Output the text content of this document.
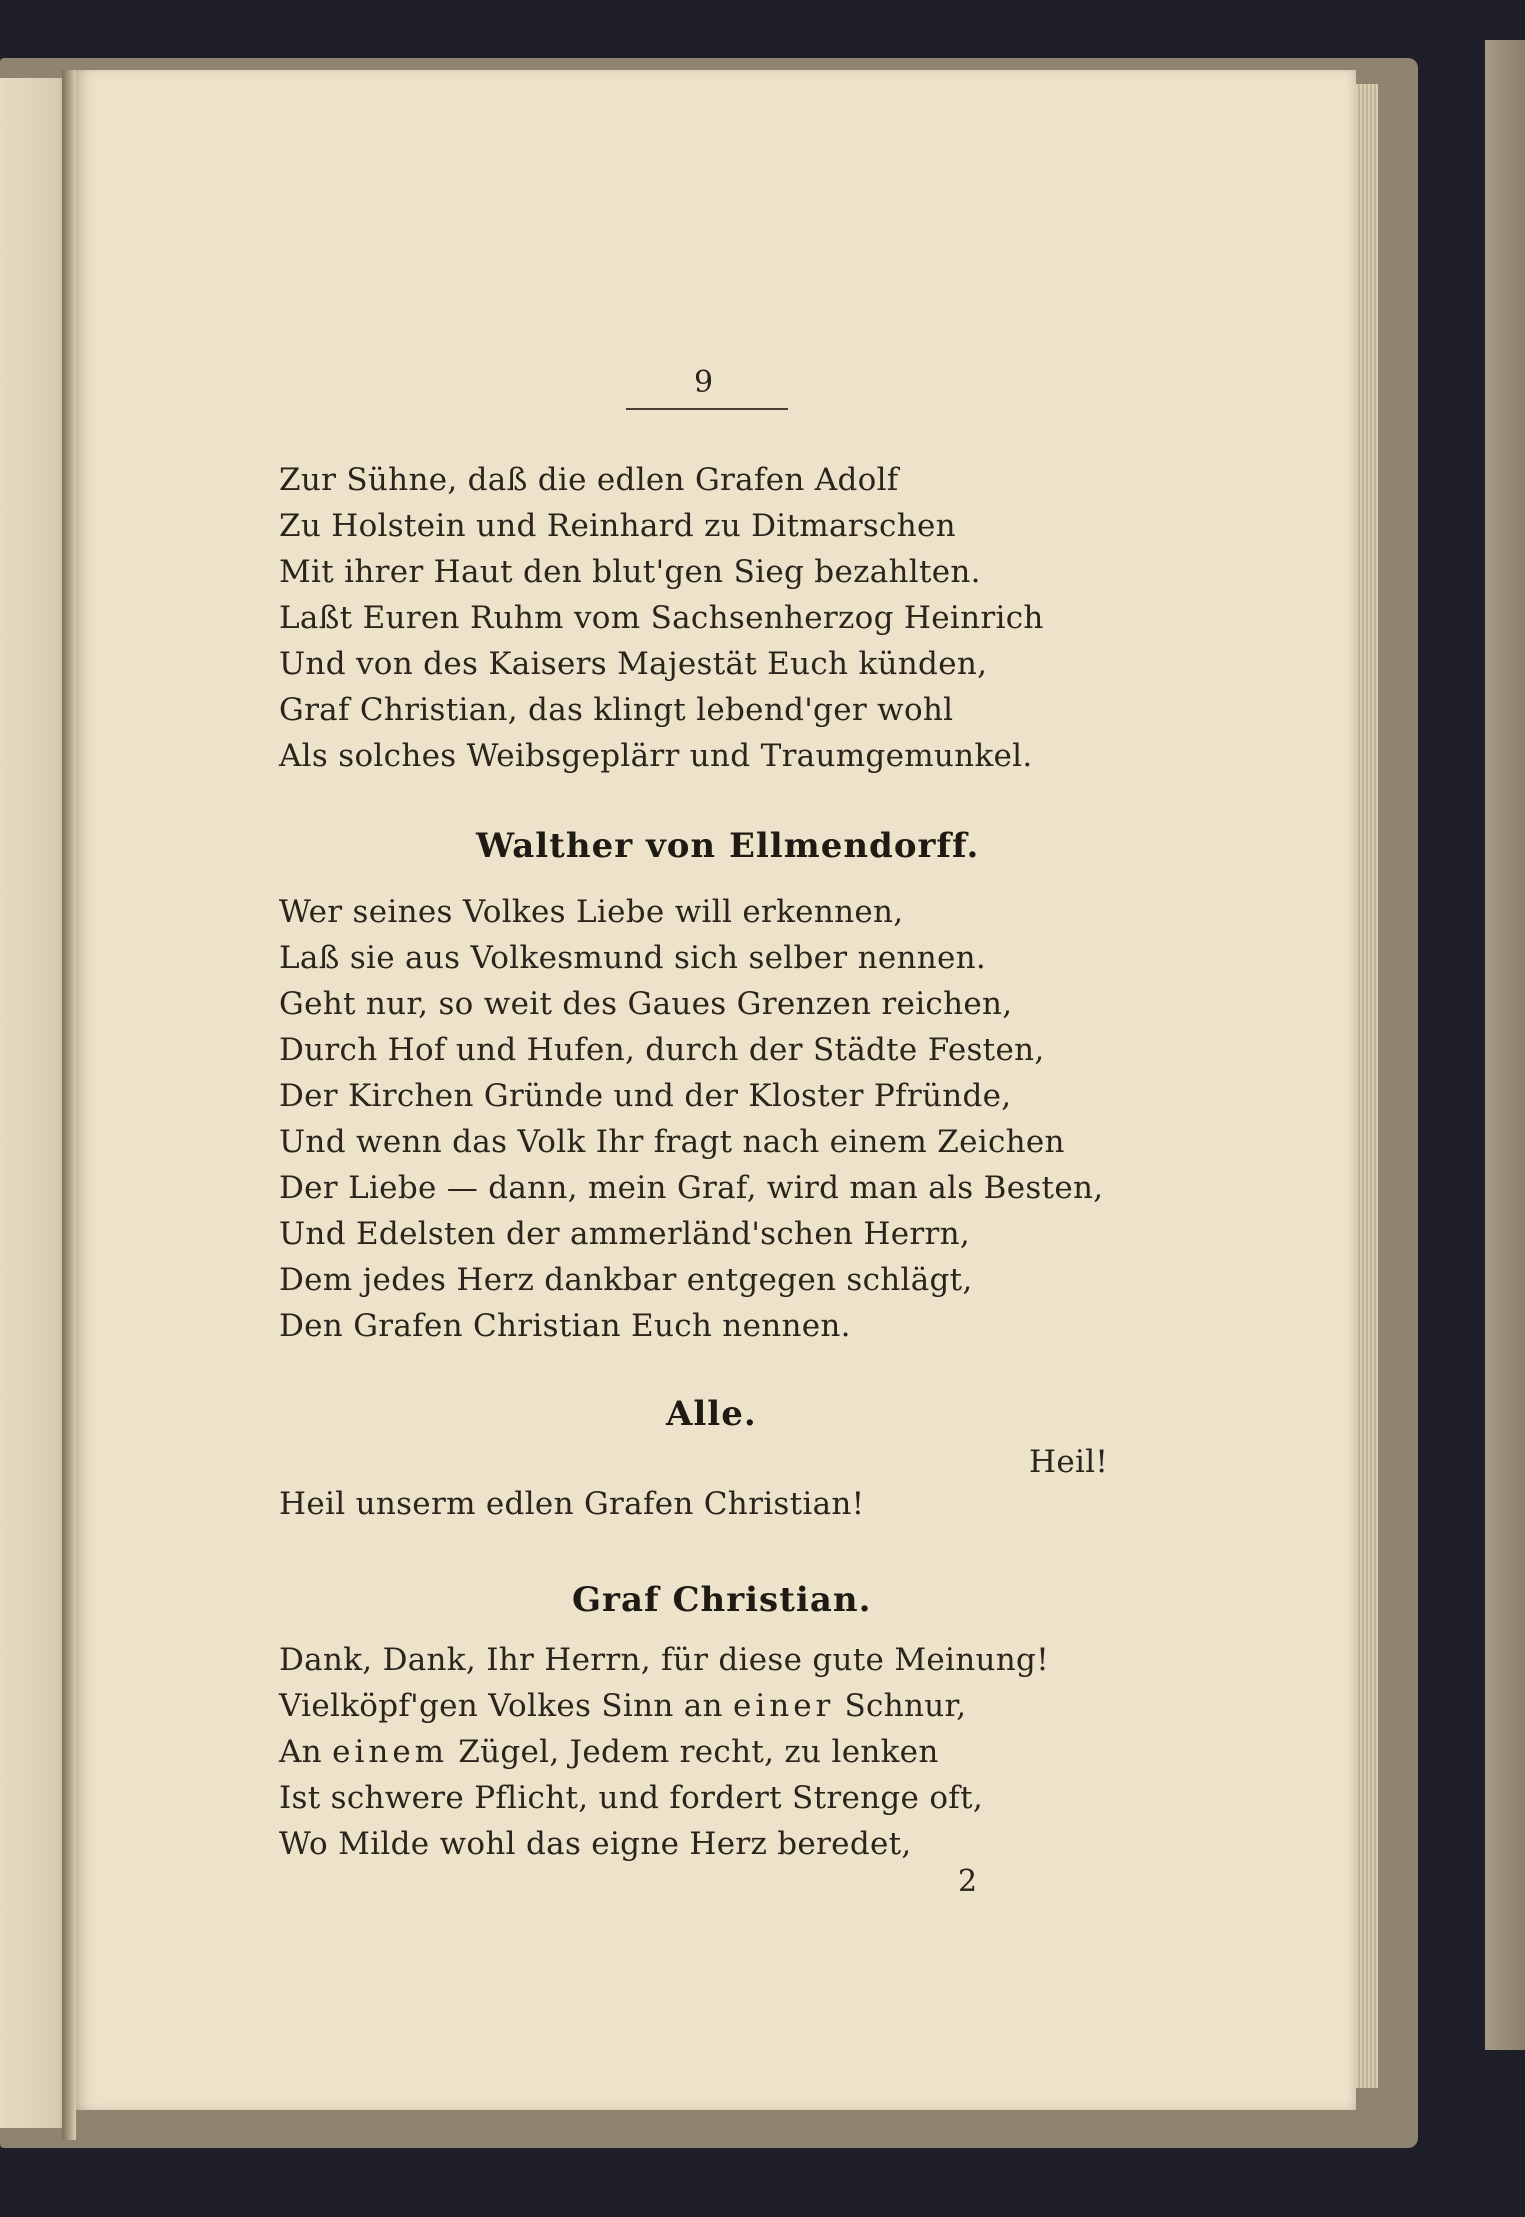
9
Zur Sühne, daß die edlen Grafen Adolf
Zu Holstein und Reinhard zu Ditmarschen
Mit ihrer Haut den blut'gen Sieg bezahlten.
Laßt Euren Ruhm vom Sachsenherzog Heinrich
Und von des Kaisers Majestät Euch künden,
Graf Christian, das klingt lebend'ger wohl
Als solches Weibsgeplärr und Traumgemunkel.
Walther von Ellmendorff.
Wer seines Volkes Liebe will erkennen,
Laß sie aus Volkesmund sich selber nennen.
Geht nur, so weit des Gaues Grenzen reichen,
Durch Hof und Hufen, durch der Städte Festen,
Der Kirchen Gründe und der Kloster Pfründe,
Und wenn das Volk Ihr fragt nach einem Zeichen
Der Liebe — dann, mein Graf, wird man als Besten,
Und Edelsten der ammerländ'schen Herrn,
Dem jedes Herz dankbar entgegen schlägt,
Den Grafen Christian Euch nennen.
Alle.
Heil!
Heil unserm edlen Grafen Christian!
Graf Christian.
Dank, Dank, Ihr Herrn, für diese gute Meinung!
Vielköpf'gen Volkes Sinn an einer Schnur,
An einem Zügel, Jedem recht, zu lenken
Ist schwere Pflicht, und fordert Strenge oft,
Wo Milde wohl das eigne Herz beredet,
2
